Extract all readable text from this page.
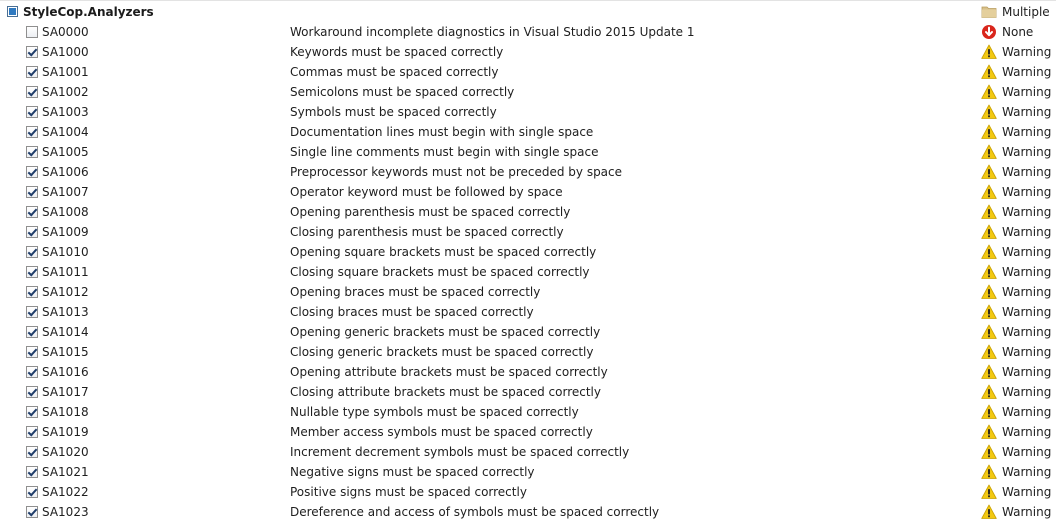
StyleCop.Analyzers	Multiple
SA0000	Workaround incomplete diagnostics in Visual Studio 2015 Update 1	None
SA1000	Keywords must be spaced correctly	Warning
SA1001	Commas must be spaced correctly	Warning
SA1002	Semicolons must be spaced correctly	Warning
SA1003	Symbols must be spaced correctly	Warning
SA1004	Documentation lines must begin with single space	Warning
SA1005	Single line comments must begin with single space	Warning
SA1006	Preprocessor keywords must not be preceded by space	Warning
SA1007	Operator keyword must be followed by space	Warning
SA1008	Opening parenthesis must be spaced correctly	Warning
SA1009	Closing parenthesis must be spaced correctly	Warning
SA1010	Opening square brackets must be spaced correctly	Warning
SA1011	Closing square brackets must be spaced correctly	Warning
SA1012	Opening braces must be spaced correctly	Warning
SA1013	Closing braces must be spaced correctly	Warning
SA1014	Opening generic brackets must be spaced correctly	Warning
SA1015	Closing generic brackets must be spaced correctly	Warning
SA1016	Opening attribute brackets must be spaced correctly	Warning
SA1017	Closing attribute brackets must be spaced correctly	Warning
SA1018	Nullable type symbols must be spaced correctly	Warning
SA1019	Member access symbols must be spaced correctly	Warning
SA1020	Increment decrement symbols must be spaced correctly	Warning
SA1021	Negative signs must be spaced correctly	Warning
SA1022	Positive signs must be spaced correctly	Warning
SA1023	Dereference and access of symbols must be spaced correctly	Warning
